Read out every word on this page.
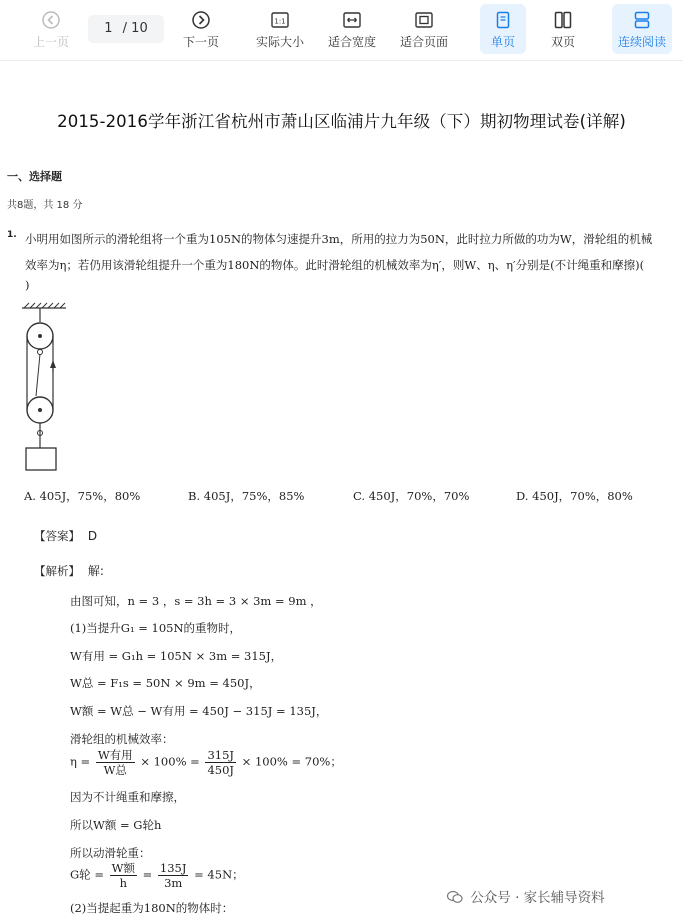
上一页
1 / 10
下一页
1:1
实际大小	适合宽度	适合页面	单页	双页	连续阅读
2015-2016学年浙江省杭州市萧山区临浦片九年级（下）期初物理试卷(详解)
一、选择题
共8题，共 18 分
1. 小明用如图所示的滑轮组将一个重为105N的物体匀速提升3m，所用的拉力为50N，此时拉力所做的功为W，滑轮组的机械
效率为η；若仍用该滑轮组提升一个重为180N的物体。此时滑轮组的机械效率为η′，则W、η、η′分别是(不计绳重和摩擦)(
)
A. 405J，75%，80%	B. 405J，75%，85%	C. 450J，70%，70%	D. 450J，70%，80%
【答案】 D
【解析】 解:
由图可知，n = 3 ，s = 3h = 3 × 3m = 9m ，
(1)当提升G₁ = 105N的重物时，
W有用 = G₁h = 105N × 3m = 315J，
W总 = F₁s = 50N × 9m = 450J，
W额 = W总 − W有用 = 450J − 315J = 135J，
滑轮组的机械效率：
$\eta = \frac{\text{W有用}}{\text{W总}} \times 100\% = \frac{315J}{450J} \times 100\% = 70\%$；
因为不计绳重和摩擦，
所以W额 = G轮h
所以动滑轮重：
G轮 = $\frac{\text{W额}}{h} = \frac{135J}{3m} = 45N$；
(2)当提起重为180N的物体时：
公众号 · 家长辅导资料
